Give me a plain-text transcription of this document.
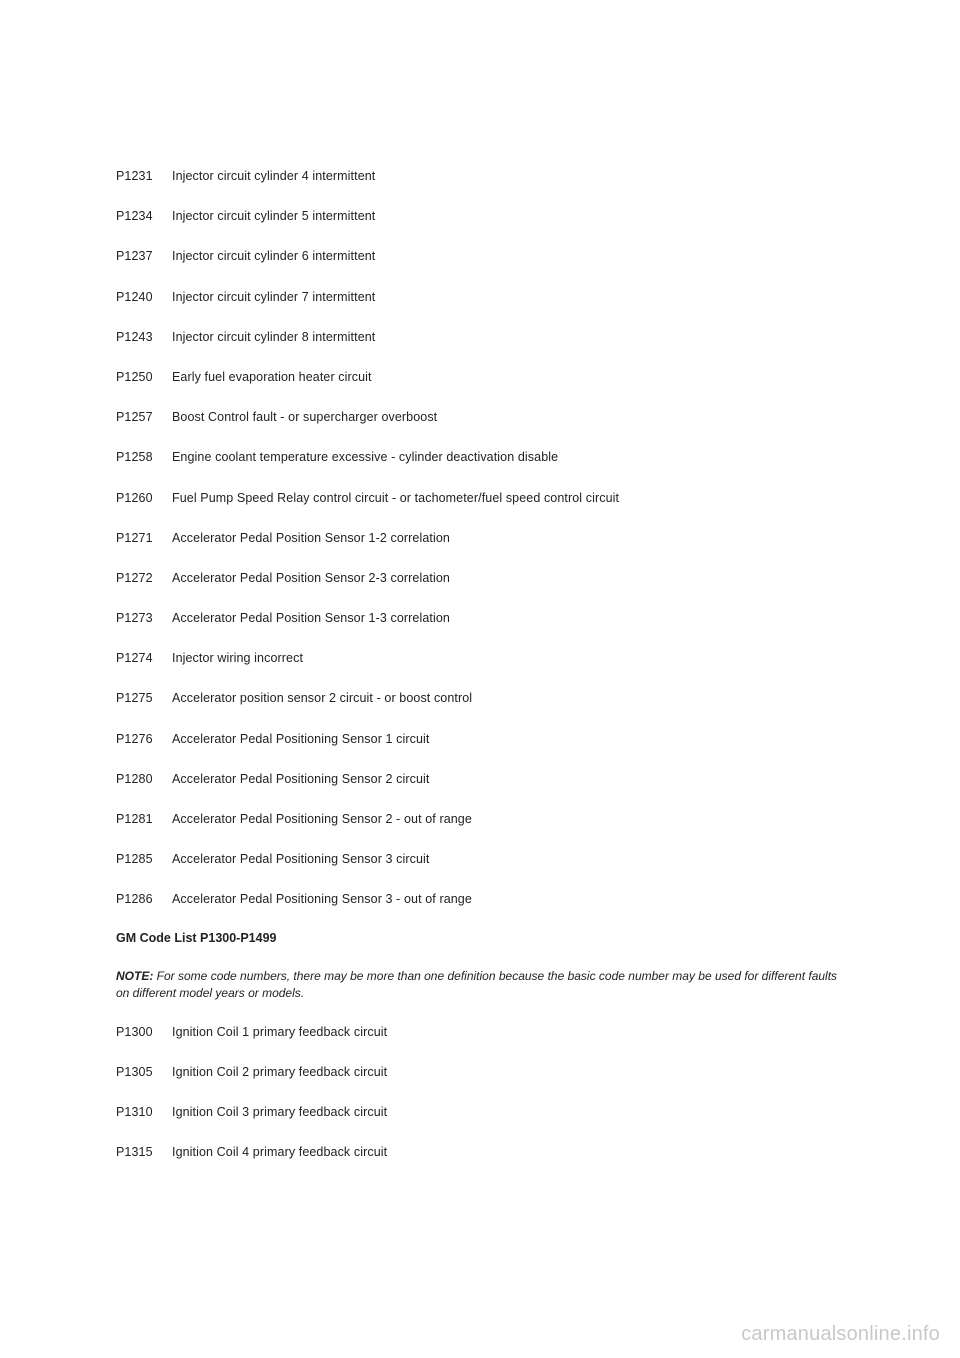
P1231 Injector circuit cylinder 4 intermittent
P1234 Injector circuit cylinder 5 intermittent
P1237 Injector circuit cylinder 6 intermittent
P1240 Injector circuit cylinder 7 intermittent
P1243 Injector circuit cylinder 8 intermittent
P1250 Early fuel evaporation heater circuit
P1257 Boost Control fault - or supercharger overboost
P1258 Engine coolant temperature excessive - cylinder deactivation disable
P1260 Fuel Pump Speed Relay control circuit - or tachometer/fuel speed control circuit
P1271 Accelerator Pedal Position Sensor 1-2 correlation
P1272 Accelerator Pedal Position Sensor 2-3 correlation
P1273 Accelerator Pedal Position Sensor 1-3 correlation
P1274 Injector wiring incorrect
P1275 Accelerator position sensor 2 circuit - or boost control
P1276 Accelerator Pedal Positioning Sensor 1 circuit
P1280 Accelerator Pedal Positioning Sensor 2 circuit
P1281 Accelerator Pedal Positioning Sensor 2 - out of range
P1285 Accelerator Pedal Positioning Sensor 3 circuit
P1286 Accelerator Pedal Positioning Sensor 3 - out of range
GM Code List P1300-P1499
NOTE: For some code numbers, there may be more than one definition because the basic code number may be used for different faults on different model years or models.
P1300 Ignition Coil 1 primary feedback circuit
P1305 Ignition Coil 2 primary feedback circuit
P1310 Ignition Coil 3 primary feedback circuit
P1315 Ignition Coil 4 primary feedback circuit
carmanualsonline.info
